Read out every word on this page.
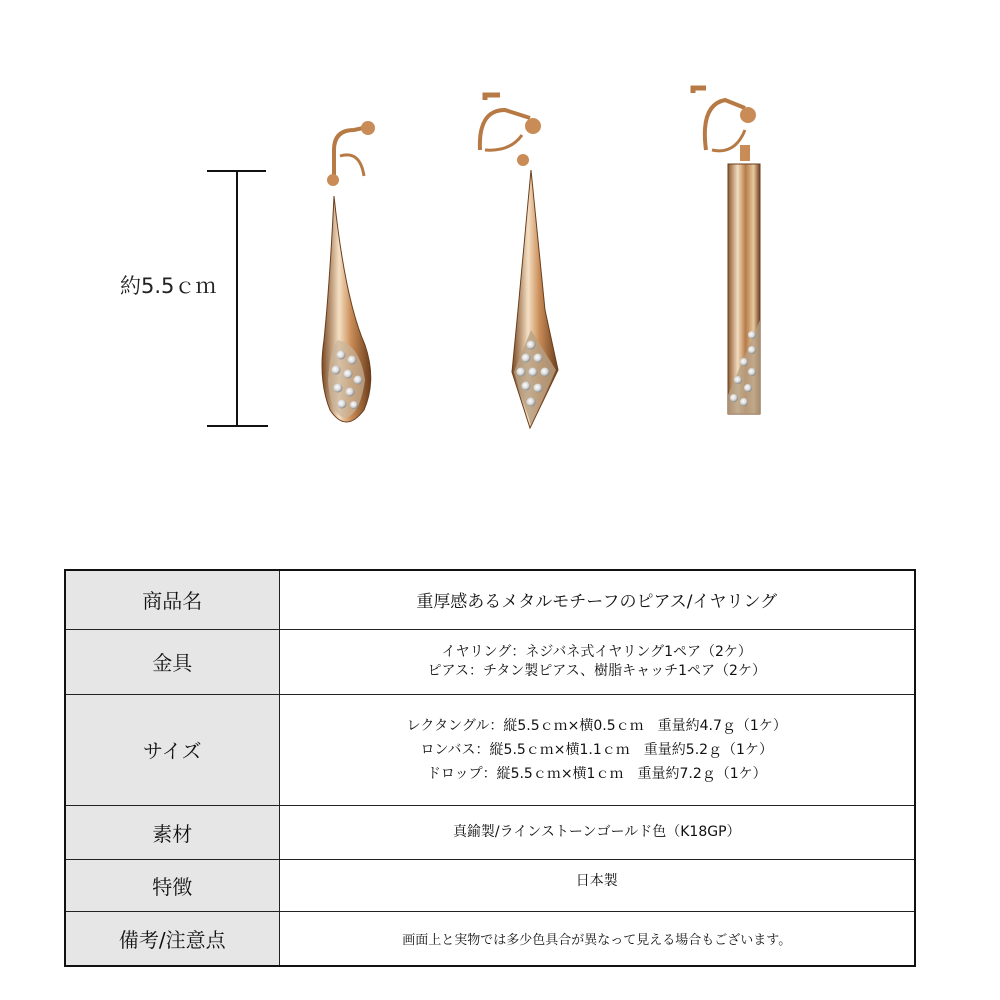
約5.5ｃｍ
商品名	重厚感あるメタルモチーフのピアス/イヤリング

金具	イヤリング：ネジバネ式イヤリング1ペア（2ケ）
ピアス：チタン製ピアス、樹脂キャッチ1ペア（2ケ）

サイズ	レクタングル：縦5.5ｃｍ×横0.5ｃｍ　重量約4.7ｇ（1ケ）
ロンバス：縦5.5ｃｍ×横1.1ｃｍ　重量約5.2ｇ（1ケ）
ドロップ：縦5.5ｃｍ×横1ｃｍ　重量約7.2ｇ（1ケ）

素材	真鍮製/ラインストーンゴールド色（K18GP）

特徴	日本製

備考/注意点	画面上と実物では多少色具合が異なって見える場合もございます。
